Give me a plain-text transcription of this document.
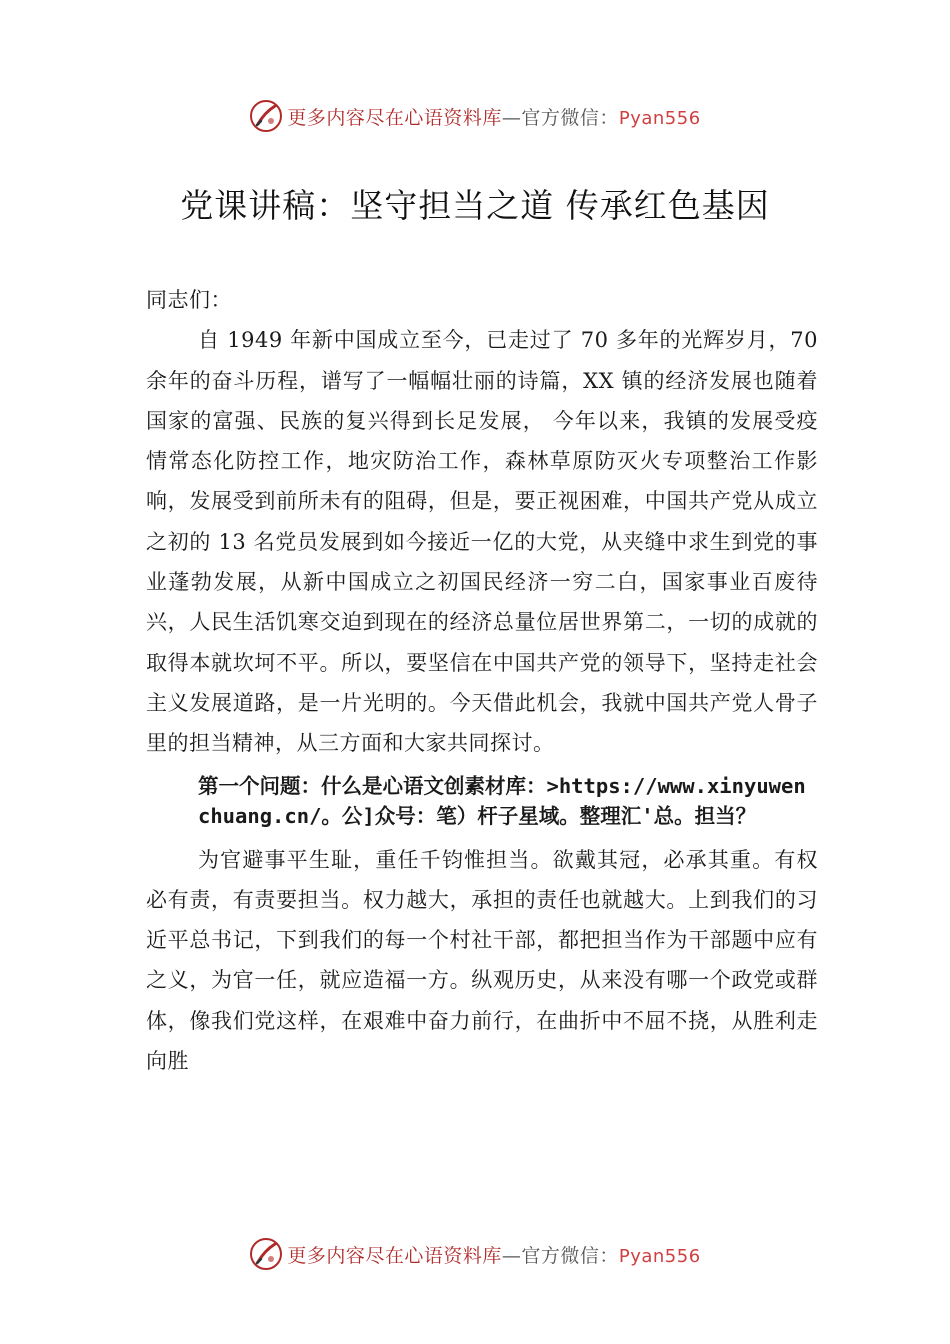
更多内容尽在心语资料库—官方微信：Pyan556
党课讲稿：坚守担当之道 传承红色基因

同志们：

自 1949 年新中国成立至今，已走过了 70 多年的光辉岁月，70 余年的奋斗历程，谱写了一幅幅壮丽的诗篇，XX 镇的经济发展也随着国家的富强、民族的复兴得到长足发展， 今年以来，我镇的发展受疫情常态化防控工作，地灾防治工作，森林草原防灭火专项整治工作影响，发展受到前所未有的阻碍，但是，要正视困难，中国共产党从成立之初的 13 名党员发展到如今接近一亿的大党，从夹缝中求生到党的事业蓬勃发展，从新中国成立之初国民经济一穷二白，国家事业百废待兴，人民生活饥寒交迫到现在的经济总量位居世界第二，一切的成就的取得本就坎坷不平。所以，要坚信在中国共产党的领导下，坚持走社会主义发展道路，是一片光明的。今天借此机会，我就中国共产党人骨子里的担当精神，从三方面和大家共同探讨。

第一个问题：什么是心语文创素材库：>https://www.xinyuwenchuang.cn/。公]众号：笔）杆子星域。整理汇'总。担当？

为官避事平生耻，重任千钧惟担当。欲戴其冠，必承其重。有权必有责，有责要担当。权力越大，承担的责任也就越大。上到我们的习近平总书记，下到我们的每一个村社干部，都把担当作为干部题中应有之义，为官一任，就应造福一方。纵观历史，从来没有哪一个政党或群体，像我们党这样，在艰难中奋力前行，在曲折中不屈不挠，从胜利走向胜

更多内容尽在心语资料库—官方微信：Pyan556
